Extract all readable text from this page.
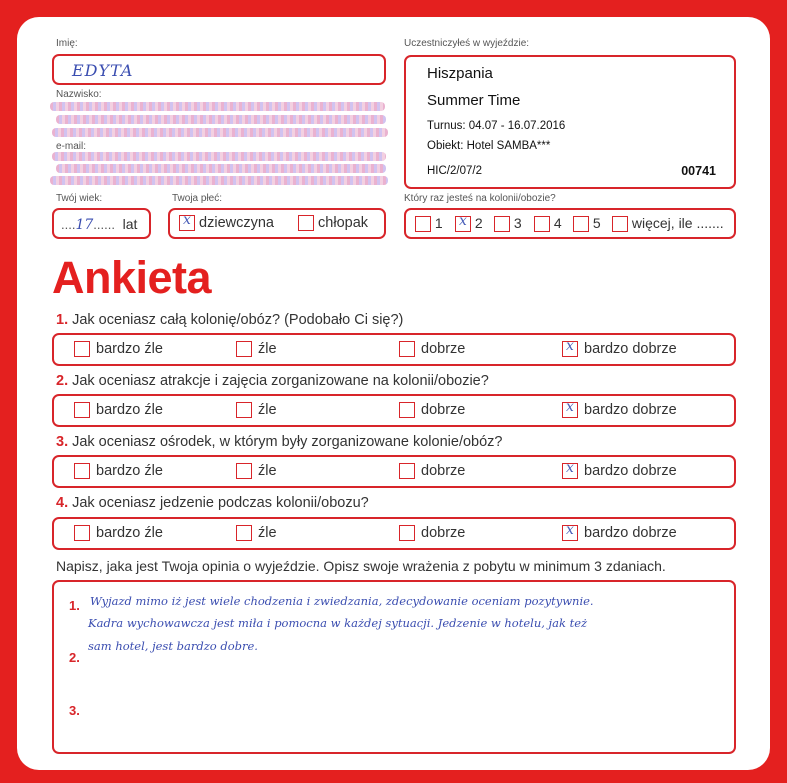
Imię:
EDYTA
Nazwisko:
e-mail:
Uczestniczyłeś w wyjeździe:
Hiszpania
Summer Time
Turnus: 04.07 - 16.07.2016
Obiekt: Hotel SAMBA***
HIC/2/07/2	00741
Twój wiek:
....17...... lat
Twoja płeć:
x dziewczyna	chłopak
Który raz jesteś na kolonii/obozie?
1 x	2	3	4	5	więcej, ile .......
Ankieta
1. Jak oceniasz całą kolonię/obóz? (Podobało Ci się?)
bardzo źle	źle	dobrze x	bardzo dobrze
2. Jak oceniasz atrakcje i zajęcia zorganizowane na kolonii/obozie?
bardzo źle	źle	dobrze x	bardzo dobrze
3. Jak oceniasz ośrodek, w którym były zorganizowane kolonie/obóz?
bardzo źle	źle	dobrze x	bardzo dobrze
4. Jak oceniasz jedzenie podczas kolonii/obozu?
bardzo źle	źle	dobrze x	bardzo dobrze
Napisz, jaka jest Twoja opinia o wyjeździe. Opisz swoje wrażenia z pobytu w minimum 3 zdaniach.
1.
2.
3.
Wyjazd mimo iż jest wiele chodzenia i zwiedzania, zdecydowanie oceniam pozytywnie.
Kadra wychowawcza jest miła i pomocna w każdej sytuacji. Jedzenie w hotelu, jak też
sam hotel, jest bardzo dobre.
